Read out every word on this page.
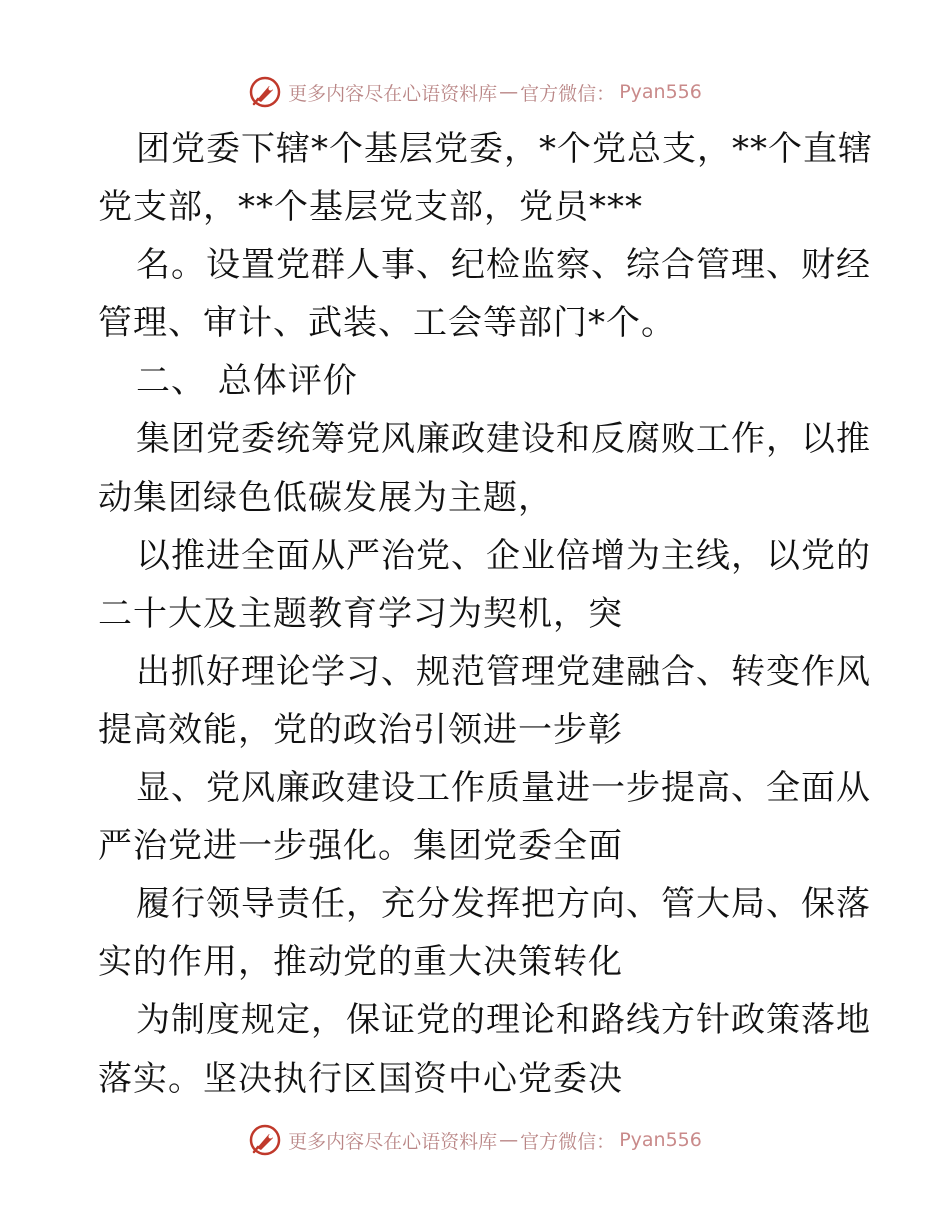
更多内容尽在心语资料库 — 官方微信： Pyan556
团党委下辖*个基层党委，*个党总支，**个直辖
党支部，**个基层党支部，党员***
名。设置党群人事、纪检监察、综合管理、财经
管理、审计、武装、工会等部门*个。
二、 总体评价
集团党委统筹党风廉政建设和反腐败工作，以推
动集团绿色低碳发展为主题，
以推进全面从严治党、企业倍增为主线，以党的
二十大及主题教育学习为契机，突
出抓好理论学习、规范管理党建融合、转变作风
提高效能，党的政治引领进一步彰
显、党风廉政建设工作质量进一步提高、全面从
严治党进一步强化。集团党委全面
履行领导责任，充分发挥把方向、管大局、保落
实的作用，推动党的重大决策转化
为制度规定，保证党的理论和路线方针政策落地
落实。坚决执行区国资中心党委决
更多内容尽在心语资料库 — 官方微信： Pyan556
